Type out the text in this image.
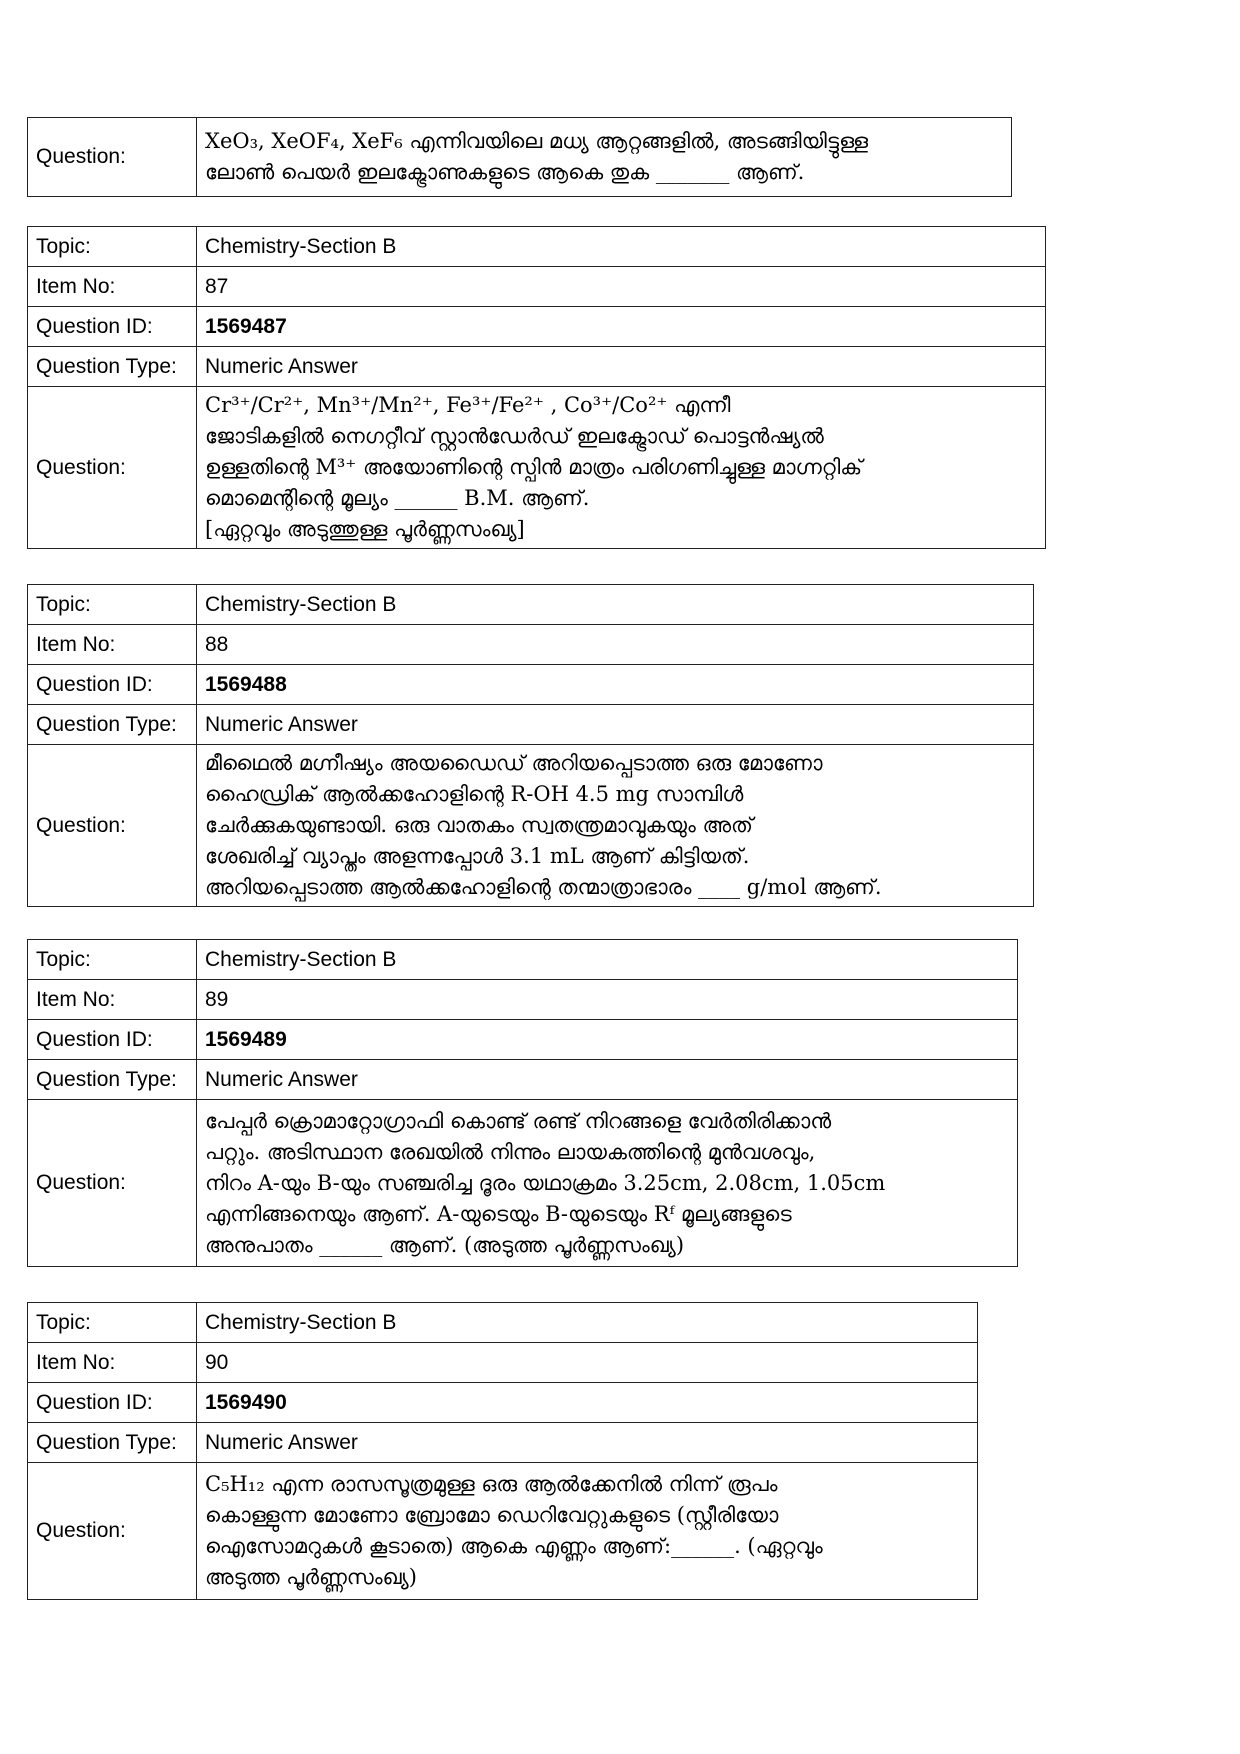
Question:	
XeO₃, XeOF₄, XeF₆ എന്നിവയിലെ മധ്യ ആറ്റങ്ങളിൽ, അടങ്ങിയിട്ടുള്ള
ലോൺ പെയർ ഇലക്ട്രോണുകളുടെ ആകെ തുക _______ ആണ്.
Topic:	Chemistry-Section B
Item No:	87
Question ID:	1569487
Question Type:	Numeric Answer
Question:	Cr³⁺/Cr²⁺, Mn³⁺/Mn²⁺, Fe³⁺/Fe²⁺ , Co³⁺/Co²⁺ എന്നീ
ജോടികളിൽ നെഗറ്റീവ് സ്റ്റാൻഡേർഡ് ഇലക്ട്രോഡ് പൊട്ടൻഷ്യൽ
ഉള്ളതിന്റെ M³⁺ അയോണിന്റെ സ്പിൻ മാത്രം പരിഗണിച്ചുള്ള മാഗ്നറ്റിക്
മൊമെന്റിന്റെ മൂല്യം ______ B.M. ആണ്.
[ഏറ്റവും അടുത്തുള്ള പൂർണ്ണസംഖ്യ]
Topic:	Chemistry-Section B
Item No:	88
Question ID:	1569488
Question Type:	Numeric Answer
Question:	മീഥൈൽ മഗ്നീഷ്യം അയഡൈഡ് അറിയപ്പെടാത്ത ഒരു മോണോ
ഹൈഡ്രിക് ആൽക്കഹോളിന്റെ R-OH 4.5 mg സാമ്പിൾ
ചേർക്കുകയുണ്ടായി. ഒരു വാതകം സ്വതന്ത്രമാവുകയും അത്
ശേഖരിച്ച് വ്യാപ്തം അളന്നപ്പോൾ 3.1 mL ആണ് കിട്ടിയത്.
അറിയപ്പെടാത്ത ആൽക്കഹോളിന്റെ തന്മാത്രാഭാരം ____ g/mol ആണ്.
Topic:	Chemistry-Section B
Item No:	89
Question ID:	1569489
Question Type:	Numeric Answer
Question:	പേപ്പർ ക്രൊമാറ്റോഗ്രാഫി കൊണ്ട് രണ്ട് നിറങ്ങളെ വേർതിരിക്കാൻ
പറ്റും. അടിസ്ഥാന രേഖയിൽ നിന്നും ലായകത്തിന്റെ മുൻവശവും,
നിറം A-യും B-യും സഞ്ചരിച്ച ദൂരം യഥാക്രമം 3.25cm, 2.08cm, 1.05cm
എന്നിങ്ങനെയും ആണ്. A-യുടെയും B-യുടെയും Rᶠ മൂല്യങ്ങളുടെ
അനുപാതം ______ ആണ്. (അടുത്ത പൂർണ്ണസംഖ്യ)
Topic:	Chemistry-Section B
Item No:	90
Question ID:	1569490
Question Type:	Numeric Answer
Question:	C₅H₁₂ എന്ന രാസസൂത്രമുള്ള ഒരു ആൽക്കേനിൽ നിന്ന് രൂപം
കൊള്ളുന്ന മോണോ ബ്രോമോ ഡെറിവേറ്റുകളുടെ (സ്റ്റീരിയോ
ഐസോമറുകൾ കൂടാതെ) ആകെ എണ്ണം ആണ്:______. (ഏറ്റവും
അടുത്ത പൂർണ്ണസംഖ്യ)
